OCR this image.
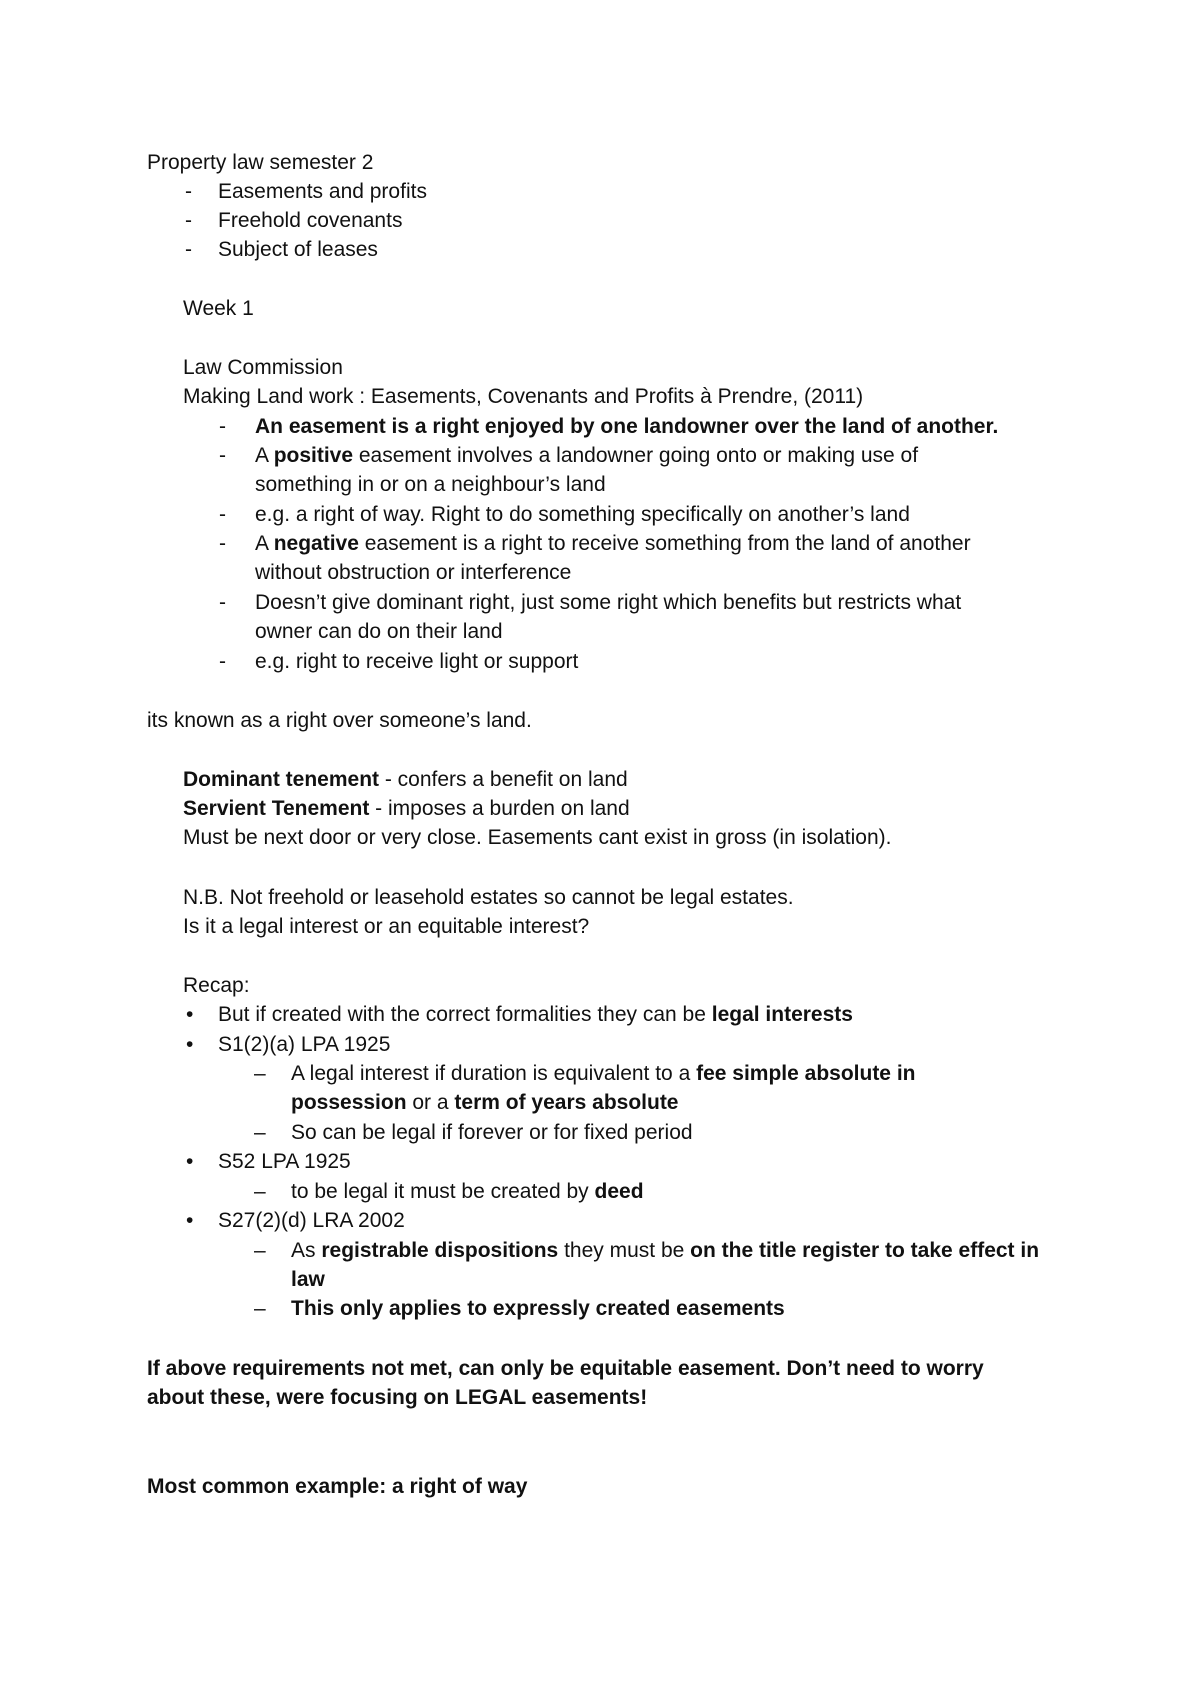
Property law semester 2
- Easements and profits
- Freehold covenants
- Subject of leases
Week 1
Law Commission
Making Land work : Easements, Covenants and Profits à Prendre, (2011)
- An easement is a right enjoyed by one landowner over the land of another.
- A positive easement involves a landowner going onto or making use of
something in or on a neighbour’s land
- e.g. a right of way. Right to do something specifically on another’s land
- A negative easement is a right to receive something from the land of another
without obstruction or interference
- Doesn’t give dominant right, just some right which benefits but restricts what
owner can do on their land
- e.g. right to receive light or support
its known as a right over someone’s land.
Dominant tenement - confers a benefit on land
Servient Tenement - imposes a burden on land
Must be next door or very close. Easements cant exist in gross (in isolation).
N.B. Not freehold or leasehold estates so cannot be legal estates.
Is it a legal interest or an equitable interest?
Recap:
• But if created with the correct formalities they can be legal interests
• S1(2)(a) LPA 1925
– A legal interest if duration is equivalent to a fee simple absolute in
possession or a term of years absolute
– So can be legal if forever or for fixed period
• S52 LPA 1925
– to be legal it must be created by deed
• S27(2)(d) LRA 2002
– As registrable dispositions they must be on the title register to take effect in
law
– This only applies to expressly created easements
If above requirements not met, can only be equitable easement. Don’t need to worry
about these, were focusing on LEGAL easements!
Most common example: a right of way
